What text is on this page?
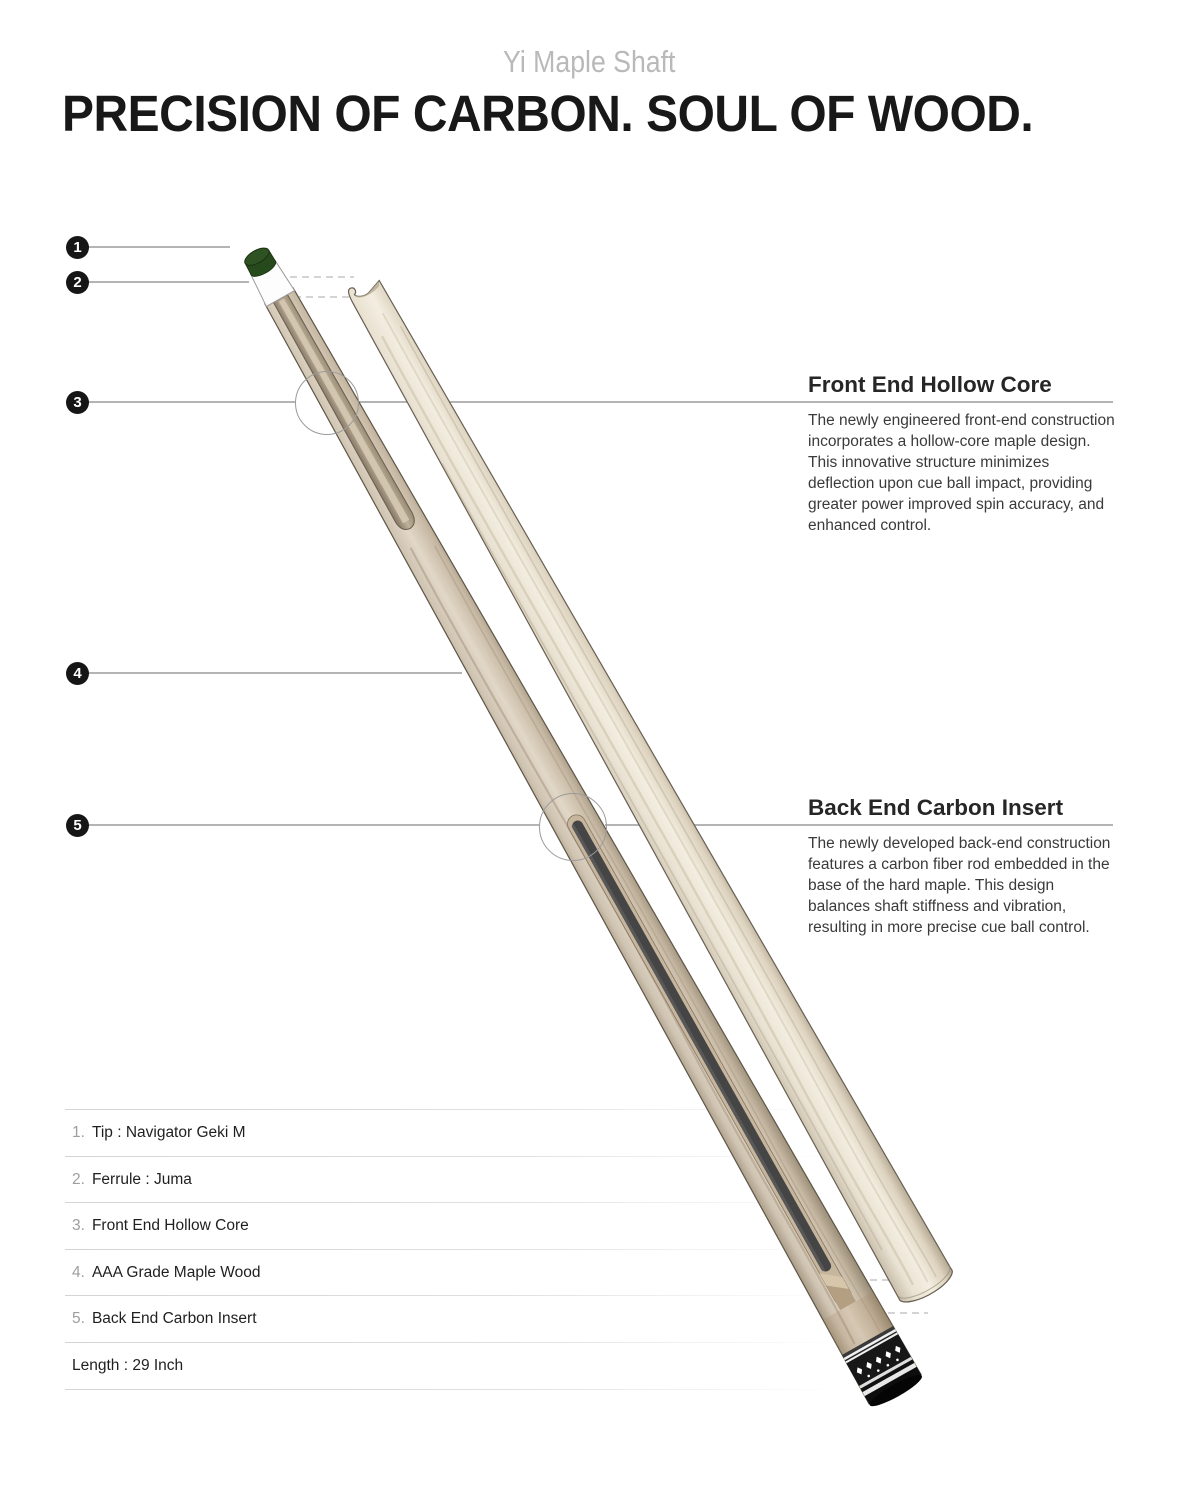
Yi Maple Shaft
PRECISION OF CARBON. SOUL OF WOOD.
1
2
3
4
5
Front End Hollow Core
The newly engineered front-end construction incorporates a hollow-core maple design. This innovative structure minimizes deflection upon cue ball impact, providing greater power improved spin accuracy, and enhanced control.
Back End Carbon Insert
The newly developed back-end construction features a carbon fiber rod embedded in the base of the hard maple. This design balances shaft stiffness and vibration, resulting in more precise cue ball control.
1. Tip : Navigator Geki M
2. Ferrule : Juma
3. Front End Hollow Core
4. AAA Grade Maple Wood
5. Back End Carbon Insert
Length : 29 Inch
